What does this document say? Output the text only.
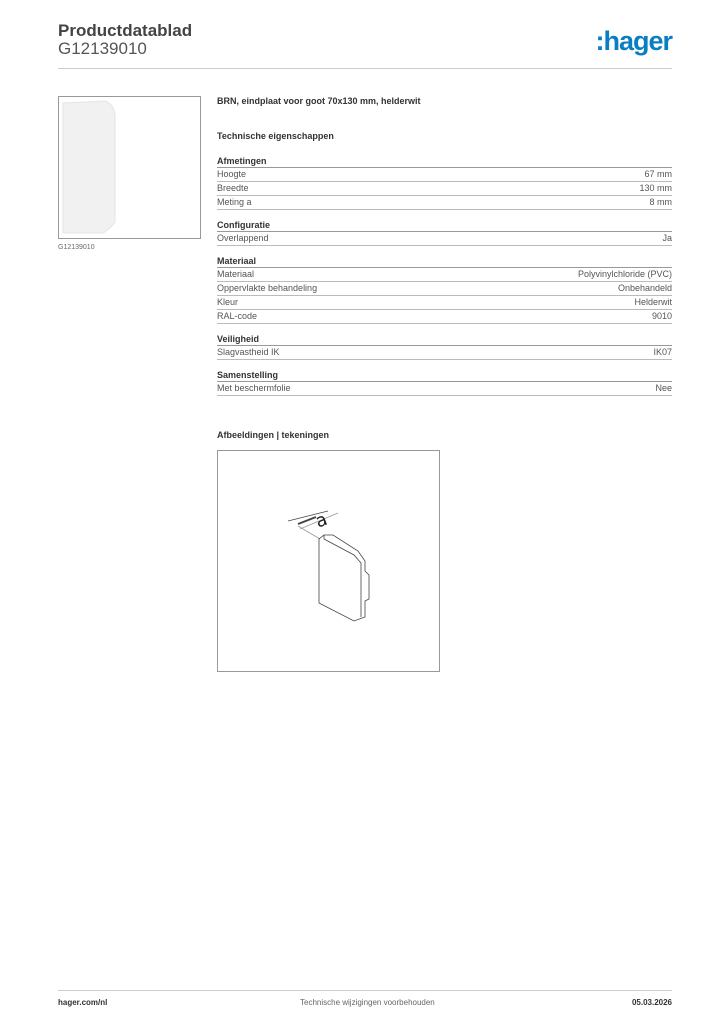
Productdatablad
G12139010	:hager
G12139010
BRN, eindplaat voor goot 70x130 mm, helderwit
Technische eigenschappen
Afmetingen
Hoogte	67 mm
Breedte	130 mm
Meting a	8 mm
Configuratie
Overlappend	Ja
Materiaal
Materiaal	Polyvinylchloride (PVC)
Oppervlakte behandeling	Onbehandeld
Kleur	Helderwit
RAL-code	9010
Veiligheid
Slagvastheid IK	IK07
Samenstelling
Met beschermfolie	Nee
Afbeeldingen | tekeningen
a
hager.com/nl	Technische wijzigingen voorbehouden	05.03.2026
